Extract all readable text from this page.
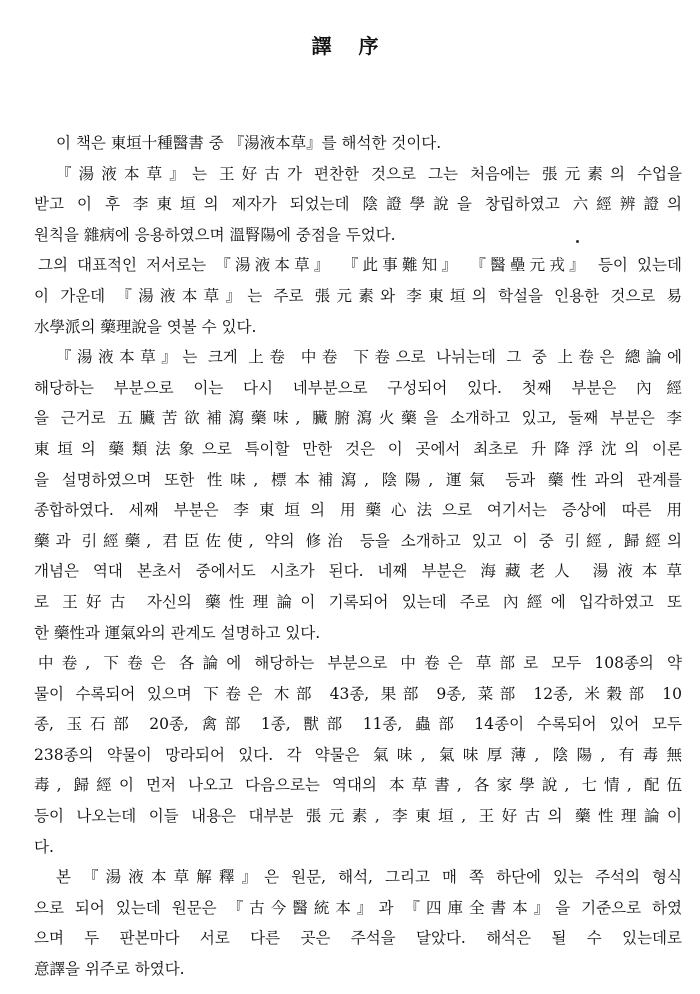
譯 序
이 책은 東垣十種醫書 중 『湯液本草』를 해석한 것이다.
『湯液本草』는 王好古가 편찬한 것으로 그는 처음에는 張元素의 수업을
받고 이 후 李東垣의 제자가 되었는데 陰證學說을 창립하였고 六經辨證의
원칙을 雜病에 응용하였으며 溫腎陽에 중점을 두었다.
그의 대표적인 저서로는 『湯液本草』 『此事難知』 『醫壘元戎』 등이 있는데
이 가운데 『湯液本草』는 주로 張元素와 李東垣의 학설을 인용한 것으로 易
水學派의 藥理說을 엿볼 수 있다.
『湯液本草』는 크게 上卷 中卷 下卷으로 나뉘는데 그 중 上卷은 總論에
해당하는 부분으로 이는 다시 네부분으로 구성되어 있다. 첫째 부분은 內經
을 근거로 五臟苦欲補瀉藥味, 臟腑瀉火藥을 소개하고 있고, 둘째 부분은 李
東垣의 藥類法象으로 특이할 만한 것은 이 곳에서 최초로 升降浮沈의 이론
을 설명하였으며 또한 性味, 標本補瀉, 陰陽, 運氣 등과 藥性과의 관계를
종합하였다. 세째 부분은 李東垣의 用藥心法으로 여기서는 증상에 따른 用
藥과 引經藥, 君臣佐使, 약의 修治 등을 소개하고 있고 이 중 引經, 歸經의
개념은 역대 본초서 중에서도 시초가 된다. 네째 부분은 海藏老人 湯液本草
로 王好古 자신의 藥性理論이 기록되어 있는데 주로 內經에 입각하였고 또
한 藥性과 運氣와의 관계도 설명하고 있다.
中卷, 下卷은 各論에 해당하는 부분으로 中卷은 草部로 모두 108종의 약
물이 수록되어 있으며 下卷은 木部 43종, 果部 9종, 菜部 12종, 米穀部 10
종, 玉石部 20종, 禽部 1종, 獸部 11종, 蟲部 14종이 수록되어 있어 모두
238종의 약물이 망라되어 있다. 각 약물은 氣味, 氣味厚薄, 陰陽, 有毒無
毒, 歸經이 먼저 나오고 다음으로는 역대의 本草書, 各家學說, 七情, 配伍
등이 나오는데 이들 내용은 대부분 張元素, 李東垣, 王好古의 藥性理論이
다.
본 『湯液本草解釋』은 원문, 해석, 그리고 매 쪽 하단에 있는 주석의 형식
으로 되어 있는데 원문은 『古今醫統本』과 『四庫全書本』을 기준으로 하였
으며 두 판본마다 서로 다른 곳은 주석을 달았다. 해석은 될 수 있는데로
意譯을 위주로 하였다.
